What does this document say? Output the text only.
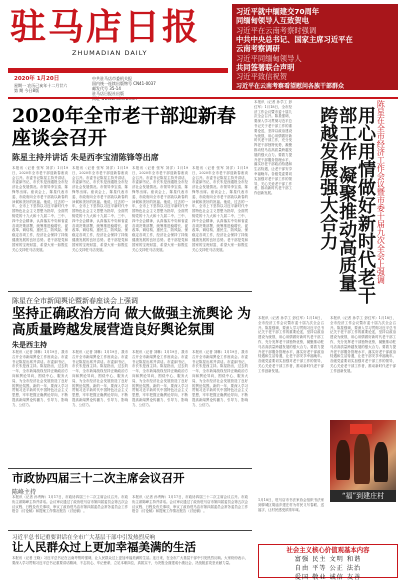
驻马店日报
ZHUMADIAN DAILY
2020年 1月20日
星期一 农历己亥年十二月廿六
第 期 今日8版
中共驻马店市委机关报
国内统一连续出版物号 CN41-0037
邮发代号 35-14
驻马店日报社出版
习近平就中缅建交70周年
同缅甸领导人互致贺电
习近平在云南考察时强调
中共中央总书记、国家主席习近平在
云南考察调研
习近平同缅甸领导人
共同签署联合声明
习近平致信祝贺
习近平在云南考察看望慰问各族干部群众
2020年全市老干部迎新春座谈会召开
陈星主持并讲话 朱是西李宝清陈锋等出席
本报讯（记者 张军 刘洋）1月19日，2020年全市老干部迎新春座谈会召开。市委书记陈星主持并讲话，市委副书记、市长朱是西通报全市经济社会发展情况。市领导李宝清、陈锋等出席。座谈会上，陈星代表市委、市政府向全市老干部致以新春的问候和美好的祝福。他说，过去的一年，全市上下坚持以习近平新时代中国特色社会主义思想为指导，全面贯彻党的十九大和十九届二中、三中、四中全会精神，认真落实中央和省委各项决策部署，统筹推进稳增长、促改革、调结构、惠民生、防风险、保稳定各项工作，经济社会保持了持续健康发展的良好态势。老干部是党和国家的宝贵财富，希望大家一如既往关心支持驻马店发展。
本报讯（记者 张军 刘洋）1月19日，2020年全市老干部迎新春座谈会召开。市委书记陈星主持并讲话，市委副书记、市长朱是西通报全市经济社会发展情况。市领导李宝清、陈锋等出席。座谈会上，陈星代表市委、市政府向全市老干部致以新春的问候和美好的祝福。他说，过去的一年，全市上下坚持以习近平新时代中国特色社会主义思想为指导，全面贯彻党的十九大和十九届二中、三中、四中全会精神，认真落实中央和省委各项决策部署，统筹推进稳增长、促改革、调结构、惠民生、防风险、保稳定各项工作，经济社会保持了持续健康发展的良好态势。老干部是党和国家的宝贵财富，希望大家一如既往关心支持驻马店发展。
本报讯（记者 张军 刘洋）1月19日，2020年全市老干部迎新春座谈会召开。市委书记陈星主持并讲话，市委副书记、市长朱是西通报全市经济社会发展情况。市领导李宝清、陈锋等出席。座谈会上，陈星代表市委、市政府向全市老干部致以新春的问候和美好的祝福。他说，过去的一年，全市上下坚持以习近平新时代中国特色社会主义思想为指导，全面贯彻党的十九大和十九届二中、三中、四中全会精神，认真落实中央和省委各项决策部署，统筹推进稳增长、促改革、调结构、惠民生、防风险、保稳定各项工作，经济社会保持了持续健康发展的良好态势。老干部是党和国家的宝贵财富，希望大家一如既往关心支持驻马店发展。
本报讯（记者 张军 刘洋）1月19日，2020年全市老干部迎新春座谈会召开。市委书记陈星主持并讲话，市委副书记、市长朱是西通报全市经济社会发展情况。市领导李宝清、陈锋等出席。座谈会上，陈星代表市委、市政府向全市老干部致以新春的问候和美好的祝福。他说，过去的一年，全市上下坚持以习近平新时代中国特色社会主义思想为指导，全面贯彻党的十九大和十九届二中、三中、四中全会精神，认真落实中央和省委各项决策部署，统筹推进稳增长、促改革、调结构、惠民生、防风险、保稳定各项工作，经济社会保持了持续健康发展的良好态势。老干部是党和国家的宝贵财富，希望大家一如既往关心支持驻马店发展。	陈星在全市经济工作会议暨市委十届九次全会上强调
用心用情做好新时代老干部工作 凝聚推动高质量跨越发展强大合力
本报讯（记者 孙学工 彭红军）1月18日，全市经济工作会议暨市委十届九次全会召开。陈星强调，要深入学习贯彻习近平总书记关于老干部工作的重要论述，坚持以政治建设为统领，用心用情做好新时代老干部工作，充分发挥老干部独特优势，凝聚推动驻马店高质量跨越发展的强大合力。要着力提升老干部服务管理水平，落实好老干部政治待遇和生活待遇，让老干部安享幸福晚年。各级党委要切实加强对老干部工作的领导，关心关爱老干部工作者，推动新时代老干部工作创新发展。
陈星在全市新闻舆论暨新春座谈会上强调
坚持正确政治方向 做大做强主流舆论 为高质量跨越发展营造良好舆论氛围
朱是西主持
本报讯（记者 刘琳）1月19日，我市召开全市新闻舆论工作座谈会。市委书记陈星出席并讲话。市委副书记、市长朱是西主持。陈星指出，过去的一年，全市新闻战线坚持正确政治方向和舆论导向，围绕中心、服务大局，为全市经济社会发展营造了良好的舆论氛围。新的一年，要深入学习贯彻习近平新时代中国特色社会主义思想，牢牢把握正确舆论导向，不断提高新闻舆论传播力、引导力、影响力、公信力。
本报讯（记者 刘琳）1月19日，我市召开全市新闻舆论工作座谈会。市委书记陈星出席并讲话。市委副书记、市长朱是西主持。陈星指出，过去的一年，全市新闻战线坚持正确政治方向和舆论导向，围绕中心、服务大局，为全市经济社会发展营造了良好的舆论氛围。新的一年，要深入学习贯彻习近平新时代中国特色社会主义思想，牢牢把握正确舆论导向，不断提高新闻舆论传播力、引导力、影响力、公信力。
本报讯（记者 刘琳）1月19日，我市召开全市新闻舆论工作座谈会。市委书记陈星出席并讲话。市委副书记、市长朱是西主持。陈星指出，过去的一年，全市新闻战线坚持正确政治方向和舆论导向，围绕中心、服务大局，为全市经济社会发展营造了良好的舆论氛围。新的一年，要深入学习贯彻习近平新时代中国特色社会主义思想，牢牢把握正确舆论导向，不断提高新闻舆论传播力、引导力、影响力、公信力。
本报讯（记者 刘琳）1月19日，我市召开全市新闻舆论工作座谈会。市委书记陈星出席并讲话。市委副书记、市长朱是西主持。陈星指出，过去的一年，全市新闻战线坚持正确政治方向和舆论导向，围绕中心、服务大局，为全市经济社会发展营造了良好的舆论氛围。新的一年，要深入学习贯彻习近平新时代中国特色社会主义思想，牢牢把握正确舆论导向，不断提高新闻舆论传播力、引导力、影响力、公信力。
本报讯（记者 孙学工 彭红军）1月18日，全市经济工作会议暨市委十届九次全会召开。陈星强调，要深入学习贯彻习近平总书记关于老干部工作的重要论述，坚持以政治建设为统领，用心用情做好新时代老干部工作，充分发挥老干部独特优势，凝聚推动驻马店高质量跨越发展的强大合力。要着力提升老干部服务管理水平，落实好老干部政治待遇和生活待遇，让老干部安享幸福晚年。各级党委要切实加强对老干部工作的领导，关心关爱老干部工作者，推动新时代老干部工作创新发展。
本报讯（记者 孙学工 彭红军）1月18日，全市经济工作会议暨市委十届九次全会召开。陈星强调，要深入学习贯彻习近平总书记关于老干部工作的重要论述，坚持以政治建设为统领，用心用情做好新时代老干部工作，充分发挥老干部独特优势，凝聚推动驻马店高质量跨越发展的强大合力。要着力提升老干部服务管理水平，落实好老干部政治待遇和生活待遇，让老干部安享幸福晚年。各级党委要切实加强对老干部工作的领导，关心关爱老干部工作者，推动新时代老干部工作创新发展。
“福”到建庄村
1月18日，驻马店市书法家协会组织书法家到驿城区胡庙乡建庄村为村民义写春联、送福字，让村民感受浓浓年味。
市政协四届三十二次主席会议召开
陈峰主持
本报讯（记者 孙秀梅）1月17日，市政协四届三十二次主席会议召开。市政协主席陈峰主持并讲话。会议审议通过了政协驻马店市第四届委员会第五次会议议程、日程及有关事项，审议了政协驻马店市第四届委员会常务委员会工作报告（讨论稿）和提案工作情况报告（讨论稿）。
本报讯（记者 孙秀梅）1月17日，市政协四届三十二次主席会议召开。市政协主席陈峰主持并讲话。会议审议通过了政协驻马店市第四届委员会第五次会议议程、日程及有关事项，审议了政协驻马店市第四届委员会常务委员会工作报告（讨论稿）和提案工作情况报告（讨论稿）。
习近平总书记重要讲话在全市广大基层干部中引发热烈反响
让人民群众过上更加幸福美满的生活
本报讯（记者 王晓）习近平总书记在云南考察时强调，让人民群众过上更加幸福美满的生活。连日来，在全市广大基层干部中引发热烈反响。大家纷纷表示，要深入学习贯彻习近平总书记重要讲话精神，不忘初心、牢记使命，立足本职岗位，真抓实干，为决胜全面建成小康社会、决战脱贫攻坚贡献力量。
社会主义核心价值观基本内容
富强 民主 文明 和谐
自由 平等 公正 法治
爱国 敬业 诚信 友善
